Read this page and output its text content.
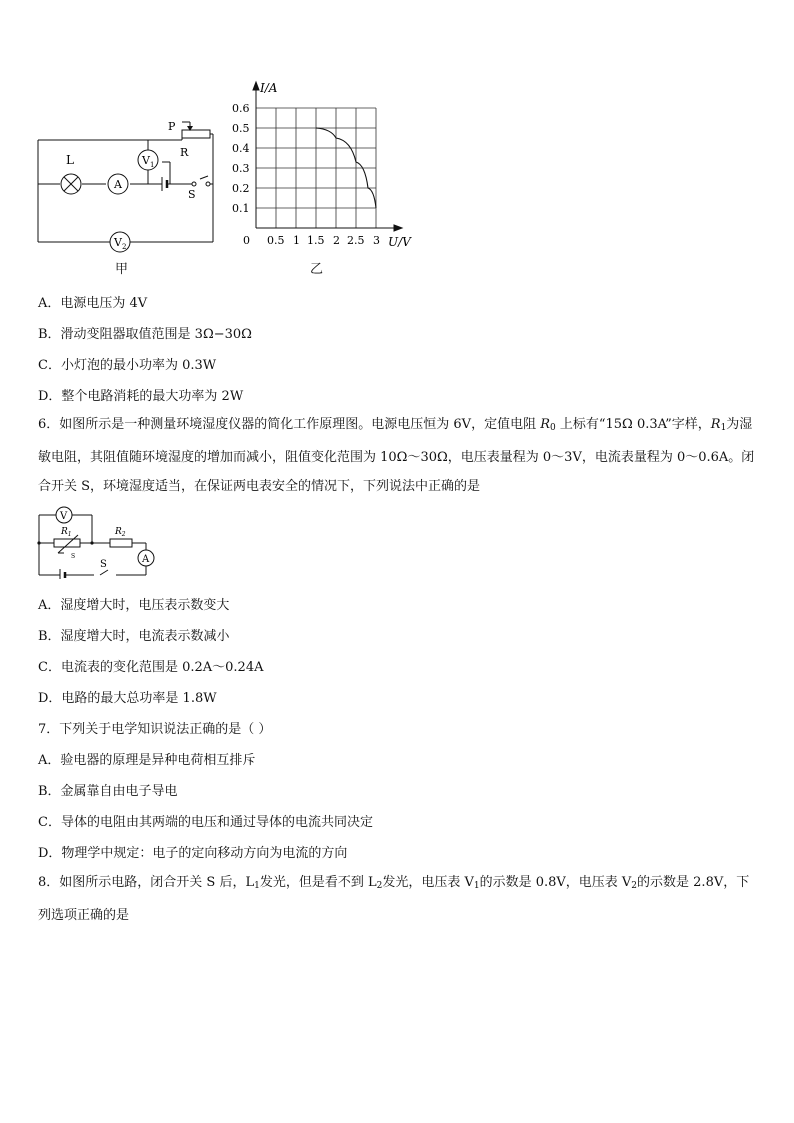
L
A
$V_1$
$V_2$
P
R
S
甲
0.1
0.2
0.3
0.4
0.5
0.6
0.5 1 1.5 2 2.5 3
I/A
U/V
0
乙
A．电源电压为 4V
B．滑动变阻器取值范围是 3Ω−30Ω
C．小灯泡的最小功率为 0.3W
D．整个电路消耗的最大功率为 2W
6．如图所示是一种测量环境湿度仪器的简化工作原理图。电源电压恒为 6V，定值电阻 $R_0$ 上标有“15Ω 0.3A”字样，$R_1$为湿敏电阻，其阻值随环境湿度的增加而减小，阻值变化范围为 10Ω～30Ω，电压表量程为 0～3V，电流表量程为 0～0.6A。闭合开关 S，环境湿度适当，在保证两电表安全的情况下，下列说法中正确的是
V
A
$R_1$	$R_2$
S
S
A．湿度增大时，电压表示数变大
B．湿度增大时，电流表示数减小
C．电流表的变化范围是 0.2A～0.24A
D．电路的最大总功率是 1.8W
7．下列关于电学知识说法正确的是（ ）
A．验电器的原理是异种电荷相互排斥
B．金属靠自由电子导电
C．导体的电阻由其两端的电压和通过导体的电流共同决定
D．物理学中规定：电子的定向移动方向为电流的方向
8．如图所示电路，闭合开关 S 后，$L_1$发光，但是看不到 $L_2$发光，电压表 $V_1$的示数是 0.8V，电压表 $V_2$的示数是 2.8V，下列选项正确的是
